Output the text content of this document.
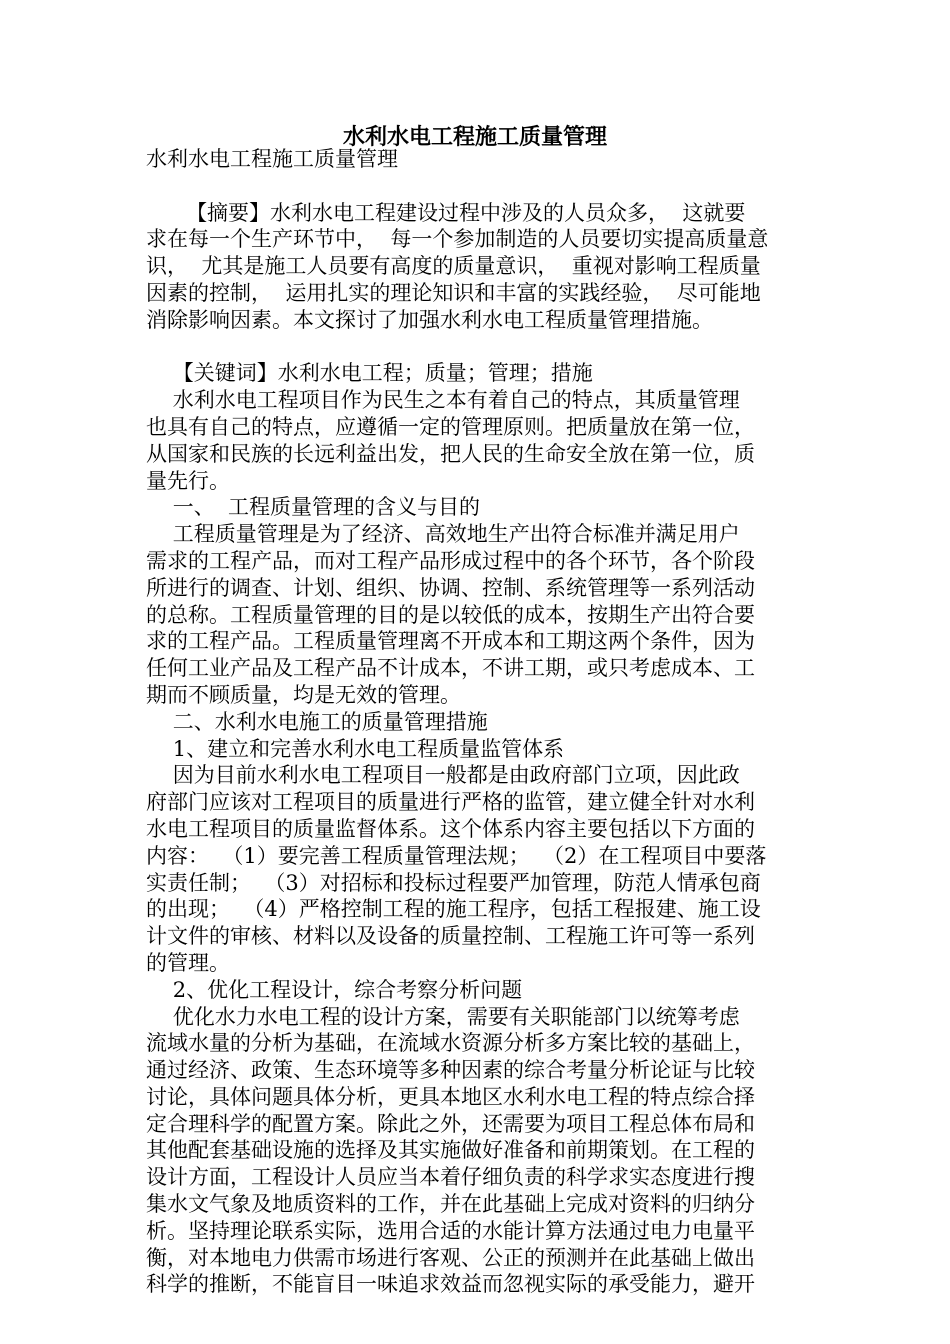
水利水电工程施工质量管理

水利水电工程施工质量管理

【摘要】水利水电工程建设过程中涉及的人员众多，  这就要

求在每一个生产环节中，  每一个参加制造的人员要切实提高质量意

识，  尤其是施工人员要有高度的质量意识，  重视对影响工程质量

因素的控制，  运用扎实的理论知识和丰富的实践经验，  尽可能地

消除影响因素。本文探讨了加强水利水电工程质量管理措施。

【关键词】水利水电工程；质量；管理；措施

水利水电工程项目作为民生之本有着自己的特点，其质量管理

也具有自己的特点，应遵循一定的管理原则。把质量放在第一位，

从国家和民族的长远利益出发，把人民的生命安全放在第一位，质

量先行。

一、  工程质量管理的含义与目的

工程质量管理是为了经济、高效地生产出符合标准并满足用户

需求的工程产品，而对工程产品形成过程中的各个环节，各个阶段

所进行的调查、计划、组织、协调、控制、系统管理等一系列活动

的总称。工程质量管理的目的是以较低的成本，按期生产出符合要

求的工程产品。工程质量管理离不开成本和工期这两个条件，因为

任何工业产品及工程产品不计成本，不讲工期，或只考虑成本、工

期而不顾质量，均是无效的管理。

二、水利水电施工的质量管理措施

1、建立和完善水利水电工程质量监管体系

因为目前水利水电工程项目一般都是由政府部门立项，因此政

府部门应该对工程项目的质量进行严格的监管，建立健全针对水利

水电工程项目的质量监督体系。这个体系内容主要包括以下方面的

内容：  （1）要完善工程质量管理法规；  （2）在工程项目中要落

实责任制；  （3）对招标和投标过程要严加管理，防范人情承包商

的出现；  （4）严格控制工程的施工程序，包括工程报建、施工设

计文件的审核、材料以及设备的质量控制、工程施工许可等一系列

的管理。

2、优化工程设计，综合考察分析问题

优化水力水电工程的设计方案，需要有关职能部门以统筹考虑

流域水量的分析为基础，在流域水资源分析多方案比较的基础上，

通过经济、政策、生态环境等多种因素的综合考量分析论证与比较

讨论，具体问题具体分析，更具本地区水利水电工程的特点综合择

定合理科学的配置方案。除此之外，还需要为项目工程总体布局和

其他配套基础设施的选择及其实施做好准备和前期策划。在工程的

设计方面，工程设计人员应当本着仔细负责的科学求实态度进行搜

集水文气象及地质资料的工作，并在此基础上完成对资料的归纳分

析。坚持理论联系实际，选用合适的水能计算方法通过电力电量平

衡，对本地电力供需市场进行客观、公正的预测并在此基础上做出

科学的推断，不能盲目一味追求效益而忽视实际的承受能力，避开
